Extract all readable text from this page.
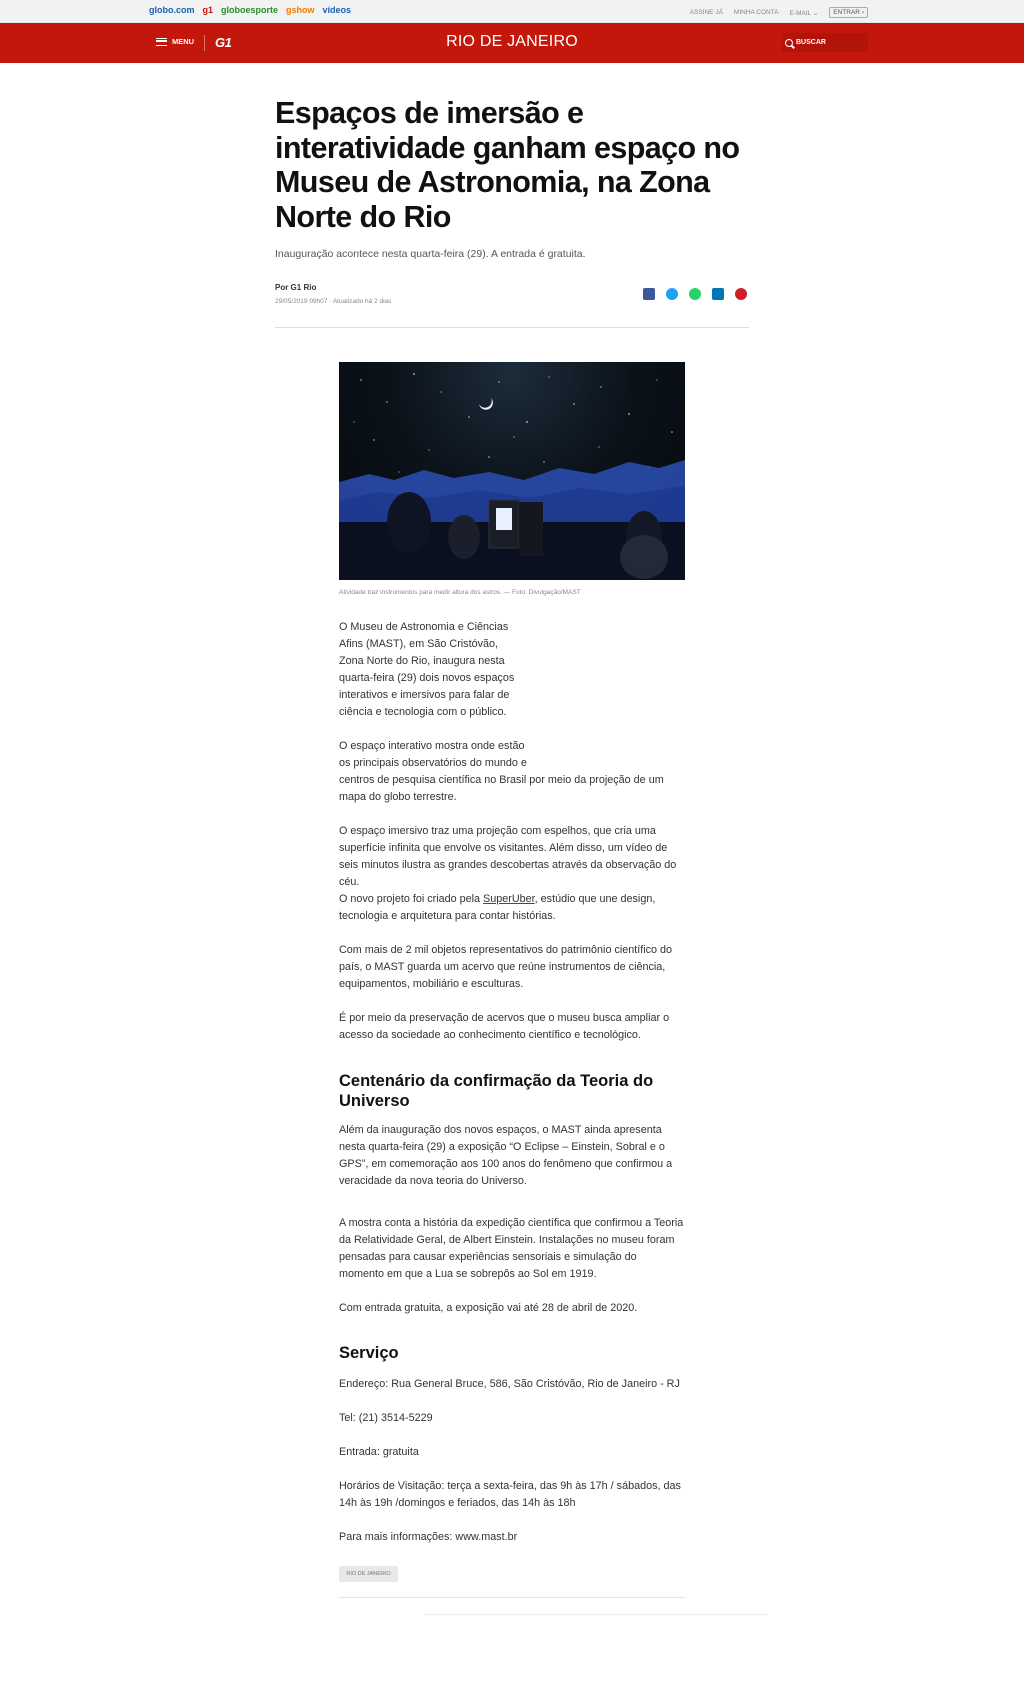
globo.com g1 globoesporte gshow vídeos	ASSINE JÁ MINHA CONTA E-MAIL ⌄	ENTRAR ›
MENU G1	RIO DE JANEIRO	BUSCAR
Espaços de imersão e interatividade ganham espaço no Museu de Astronomia, na Zona Norte do Rio

Inauguração acontece nesta quarta-feira (29). A entrada é gratuita.

Por G1 Rio

29/05/2019 09h07 · Atualizado há 2 dias

Atividade traz instrumentos para medir altura dos astros. — Foto: Divulgação/MAST

O Museu de Astronomia e Ciências Afins (MAST), em São Cristóvão, Zona Norte do Rio, inaugura nesta quarta-feira (29) dois novos espaços interativos e imersivos para falar de ciência e tecnologia com o público.

O espaço interativo mostra onde estão
os principais observatórios do mundo e
centros de pesquisa científica no Brasil por meio da projeção de um mapa do globo terrestre.

O espaço imersivo traz uma projeção com espelhos, que cria uma superfície infinita que envolve os visitantes. Além disso, um vídeo de seis minutos ilustra as grandes descobertas através da observação do céu.

O novo projeto foi criado pela SuperUber, estúdio que une design, tecnologia e arquitetura para contar histórias.

Com mais de 2 mil objetos representativos do patrimônio científico do país, o MAST guarda um acervo que reúne instrumentos de ciência, equipamentos, mobiliário e esculturas.

É por meio da preservação de acervos que o museu busca ampliar o acesso da sociedade ao conhecimento científico e tecnológico.

Centenário da confirmação da Teoria do Universo

Além da inauguração dos novos espaços, o MAST ainda apresenta nesta quarta-feira (29) a exposição “O Eclipse – Einstein, Sobral e o GPS”, em comemoração aos 100 anos do fenômeno que confirmou a veracidade da nova teoria do Universo.

A mostra conta a história da expedição científica que confirmou a Teoria da Relatividade Geral, de Albert Einstein. Instalações no museu foram pensadas para causar experiências sensoriais e simulação do momento em que a Lua se sobrepôs ao Sol em 1919.

Com entrada gratuita, a exposição vai até 28 de abril de 2020.

Serviço

Endereço: Rua General Bruce, 586, São Cristóvão, Rio de Janeiro - RJ

Tel: (21) 3514-5229

Entrada: gratuita

Horários de Visitação: terça a sexta-feira, das 9h às 17h / sábados, das 14h às 19h /domingos e feriados, das 14h às 18h

Para mais informações: www.mast.br

RIO DE JANEIRO
